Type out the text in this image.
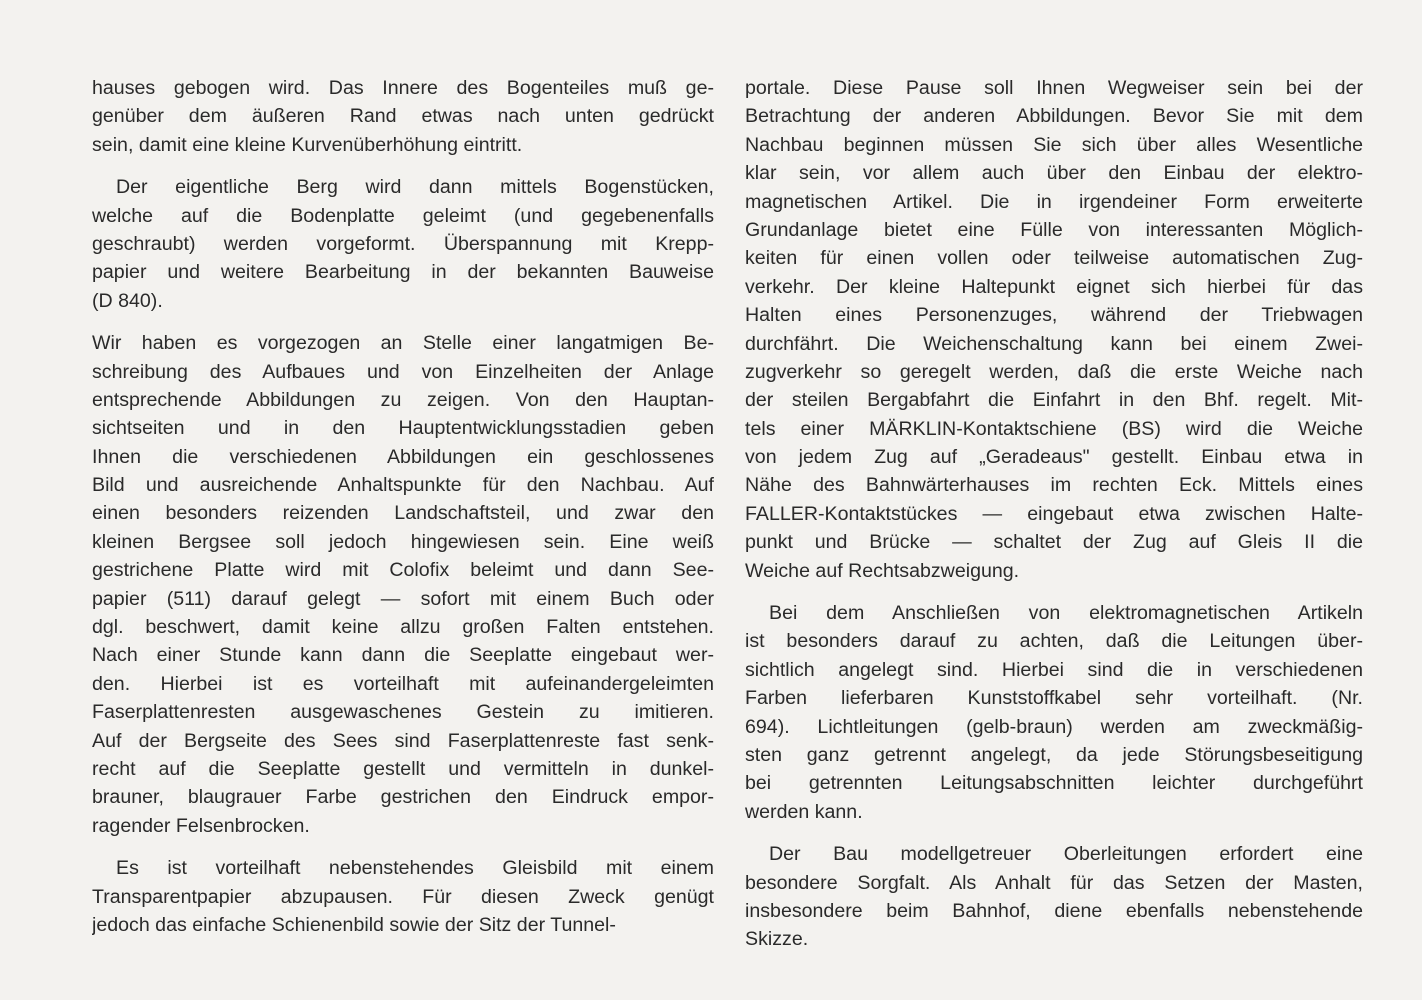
hauses gebogen wird. Das Innere des Bogenteiles muß ge-
genüber dem äußeren Rand etwas nach unten gedrückt
sein, damit eine kleine Kurvenüberhöhung eintritt.
Der eigentliche Berg wird dann mittels Bogenstücken,
welche auf die Bodenplatte geleimt (und gegebenenfalls
geschraubt) werden vorgeformt. Überspannung mit Krepp-
papier und weitere Bearbeitung in der bekannten Bauweise
(D 840).
Wir haben es vorgezogen an Stelle einer langatmigen Be-
schreibung des Aufbaues und von Einzelheiten der Anlage
entsprechende Abbildungen zu zeigen. Von den Hauptan-
sichtseiten und in den Hauptentwicklungsstadien geben
Ihnen die verschiedenen Abbildungen ein geschlossenes
Bild und ausreichende Anhaltspunkte für den Nachbau. Auf
einen besonders reizenden Landschaftsteil, und zwar den
kleinen Bergsee soll jedoch hingewiesen sein. Eine weiß
gestrichene Platte wird mit Colofix beleimt und dann See-
papier (511) darauf gelegt — sofort mit einem Buch oder
dgl. beschwert, damit keine allzu großen Falten entstehen.
Nach einer Stunde kann dann die Seeplatte eingebaut wer-
den. Hierbei ist es vorteilhaft mit aufeinandergeleimten
Faserplattenresten ausgewaschenes Gestein zu imitieren.
Auf der Bergseite des Sees sind Faserplattenreste fast senk-
recht auf die Seeplatte gestellt und vermitteln in dunkel-
brauner, blaugrauer Farbe gestrichen den Eindruck empor-
ragender Felsenbrocken.
Es ist vorteilhaft nebenstehendes Gleisbild mit einem
Transparentpapier abzupausen. Für diesen Zweck genügt
jedoch das einfache Schienenbild sowie der Sitz der Tunnel-
portale. Diese Pause soll Ihnen Wegweiser sein bei der
Betrachtung der anderen Abbildungen. Bevor Sie mit dem
Nachbau beginnen müssen Sie sich über alles Wesentliche
klar sein, vor allem auch über den Einbau der elektro-
magnetischen Artikel. Die in irgendeiner Form erweiterte
Grundanlage bietet eine Fülle von interessanten Möglich-
keiten für einen vollen oder teilweise automatischen Zug-
verkehr. Der kleine Haltepunkt eignet sich hierbei für das
Halten eines Personenzuges, während der Triebwagen
durchfährt. Die Weichenschaltung kann bei einem Zwei-
zugverkehr so geregelt werden, daß die erste Weiche nach
der steilen Bergabfahrt die Einfahrt in den Bhf. regelt. Mit-
tels einer MÄRKLIN-Kontaktschiene (BS) wird die Weiche
von jedem Zug auf „Geradeaus" gestellt. Einbau etwa in
Nähe des Bahnwärterhauses im rechten Eck. Mittels eines
FALLER-Kontaktstückes — eingebaut etwa zwischen Halte-
punkt und Brücke — schaltet der Zug auf Gleis II die
Weiche auf Rechtsabzweigung.
Bei dem Anschließen von elektromagnetischen Artikeln
ist besonders darauf zu achten, daß die Leitungen über-
sichtlich angelegt sind. Hierbei sind die in verschiedenen
Farben lieferbaren Kunststoffkabel sehr vorteilhaft. (Nr.
694). Lichtleitungen (gelb-braun) werden am zweckmäßig-
sten ganz getrennt angelegt, da jede Störungsbeseitigung
bei getrennten Leitungsabschnitten leichter durchgeführt
werden kann.
Der Bau modellgetreuer Oberleitungen erfordert eine
besondere Sorgfalt. Als Anhalt für das Setzen der Masten,
insbesondere beim Bahnhof, diene ebenfalls nebenstehende
Skizze.
